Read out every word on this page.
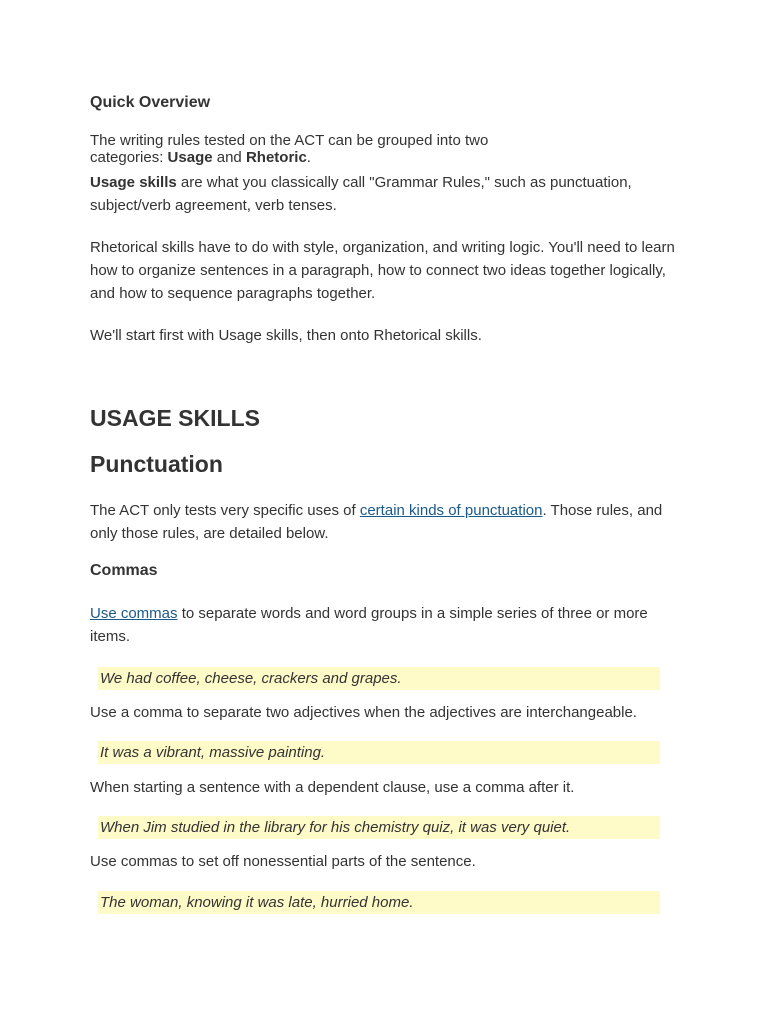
Quick Overview

The writing rules tested on the ACT can be grouped into two
categories: Usage and Rhetoric.

Usage skills are what you classically call "Grammar Rules," such as punctuation, subject/verb agreement, verb tenses.

Rhetorical skills have to do with style, organization, and writing logic. You'll need to learn how to organize sentences in a paragraph, how to connect two ideas together logically, and how to sequence paragraphs together.

We'll start first with Usage skills, then onto Rhetorical skills.

USAGE SKILLS
Punctuation

The ACT only tests very specific uses of certain kinds of punctuation. Those rules, and only those rules, are detailed below.

Commas

Use commas to separate words and word groups in a simple series of three or more items.

We had coffee, cheese, crackers and grapes.

Use a comma to separate two adjectives when the adjectives are interchangeable.

It was a vibrant, massive painting.

When starting a sentence with a dependent clause, use a comma after it.

When Jim studied in the library for his chemistry quiz, it was very quiet.

Use commas to set off nonessential parts of the sentence.

The woman, knowing it was late, hurried home.
